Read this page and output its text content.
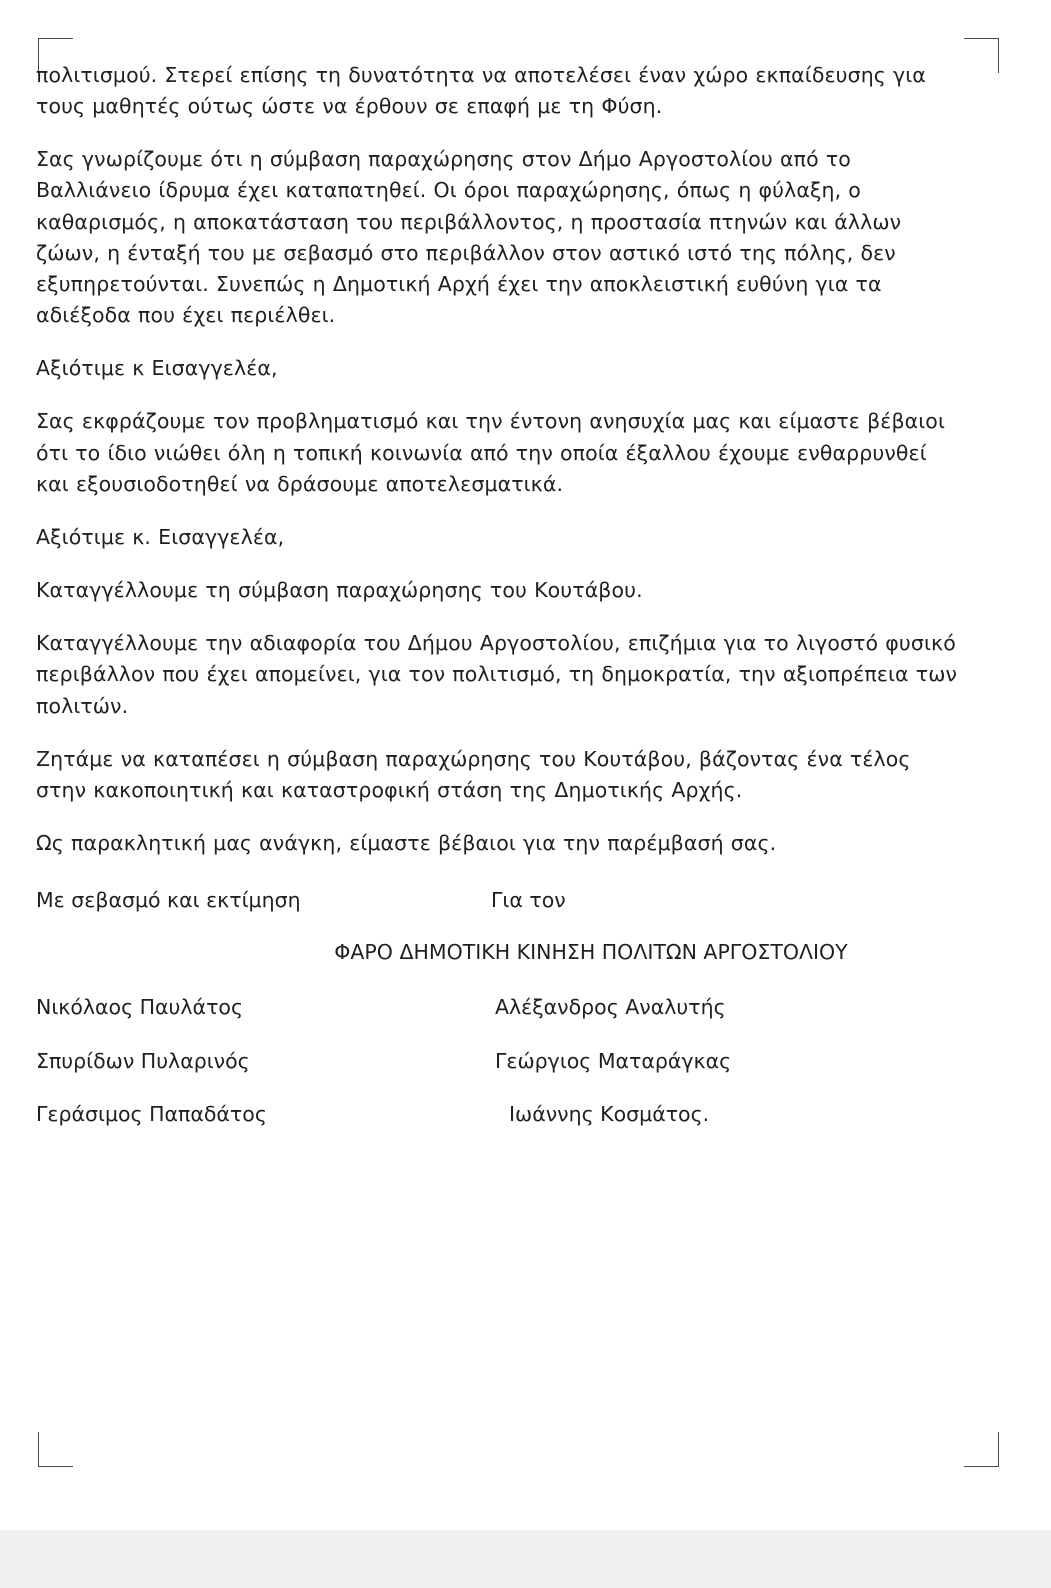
πολιτισμού. Στερεί επίσης τη δυνατότητα να αποτελέσει έναν χώρο εκπαίδευσης για τους μαθητές ούτως ώστε να έρθουν σε επαφή με τη Φύση.

Σας γνωρίζουμε ότι η σύμβαση παραχώρησης στον Δήμο Αργοστολίου από το Βαλλιάνειο ίδρυμα έχει καταπατηθεί. Οι όροι παραχώρησης, όπως η φύλαξη, ο καθαρισμός, η αποκατάσταση του περιβάλλοντος, η προστασία πτηνών και άλλων ζώων, η ένταξή του με σεβασμό στο περιβάλλον στον αστικό ιστό της πόλης, δεν εξυπηρετούνται. Συνεπώς η Δημοτική Αρχή έχει την αποκλειστική ευθύνη για τα αδιέξοδα που έχει περιέλθει.

Αξιότιμε κ Εισαγγελέα,

Σας εκφράζουμε τον προβληματισμό και την έντονη ανησυχία μας και είμαστε βέβαιοι ότι το ίδιο νιώθει όλη η τοπική κοινωνία από την οποία έξαλλου έχουμε ενθαρρυνθεί και εξουσιοδοτηθεί να δράσουμε αποτελεσματικά.

Αξιότιμε κ. Εισαγγελέα,

Καταγγέλλουμε τη σύμβαση παραχώρησης του Κουτάβου.

Καταγγέλλουμε την αδιαφορία του Δήμου Αργοστολίου, επιζήμια για το λιγοστό φυσικό περιβάλλον που έχει απομείνει, για τον πολιτισμό, τη δημοκρατία, την αξιοπρέπεια των πολιτών.

Ζητάμε να καταπέσει η σύμβαση παραχώρησης του Κουτάβου, βάζοντας ένα τέλος στην κακοποιητική και καταστροφική στάση της Δημοτικής Αρχής.

Ως παρακλητική μας ανάγκη, είμαστε βέβαιοι για την παρέμβασή σας.

Με σεβασμό και εκτίμηση	Για τον
ΦΑΡΟ ΔΗΜΟΤΙΚΗ ΚΙΝΗΣΗ ΠΟΛΙΤΩΝ ΑΡΓΟΣΤΟΛΙΟΥ
Νικόλαος Παυλάτος	Αλέξανδρος Αναλυτής
Σπυρίδων Πυλαρινός	Γεώργιος Ματαράγκας
Γεράσιμος Παπαδάτος	Ιωάννης Κοσμάτος.
